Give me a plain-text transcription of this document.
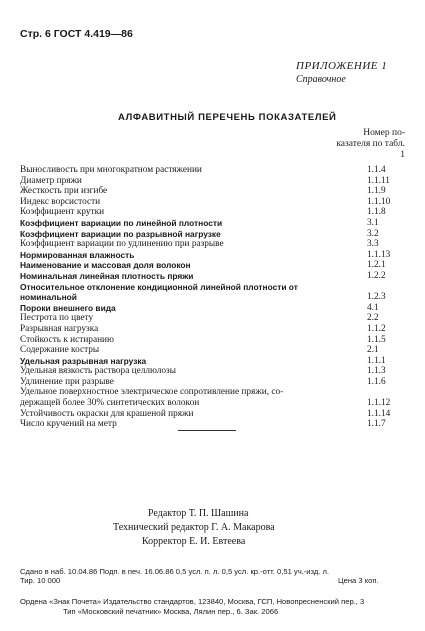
Стр. 6 ГОСТ 4.419—86
ПРИЛОЖЕНИЕ 1
Справочное
АЛФАВИТНЫЙ ПЕРЕЧЕНЬ ПОКАЗАТЕЛЕЙ
Номер по-казателя по табл. 1
Выносливость при многократном растяжении	1.1.4
Диаметр пряжи	1.1.11
Жесткость при изгибе	1.1.9
Индекс ворсистости	1.1.10
Коэффициент крутки	1.1.8
Коэффициент вариации по линейной плотности	3.1
Коэффициент вариации по разрывной нагрузке	3.2
Коэффициент вариации по удлинению при разрыве	3.3
Нормированная влажность	1.1.13
Наименование и массовая доля волокон	1.2.1
Номинальная линейная плотность пряжи	1.2.2
Относительное отклонение кондиционной линейной плотности от
номинальной	1.2.3
Пороки внешнего вида	4.1
Пестрота по цвету	2.2
Разрывная нагрузка	1.1.2
Стойкость к истиранию	1.1.5
Содержание костры	2.1
Удельная разрывная нагрузка	1.1.1
Удельная вязкость раствора целлюлозы	1.1.3
Удлинение при разрыве	1.1.6
Удельное поверхностное электрическое сопротивление пряжи, со-
держащей более 30% синтетических волокон	1.1.12
Устойчивость окраски для крашеной пряжи	1.1.14
Число кручений на метр	1.1.7
Редактор Т. П. Шашина
Технический редактор Г. А. Макарова
Корректор Е. И. Евтеева
Сдано в наб. 10.04.86 Подп. в печ. 16.06.86 0,5 усл. п. л. 0,5 усл. кр.-отт. 0,51 уч.-изд. л.
Тир. 10 000	Цена 3 коп.
Ордена «Знак Почета» Издательство стандартов, 123840, Москва, ГСП, Новопресненский пер., 3
Тип «Московский печатник» Москва, Лялин пер., 6. Зак. 2066
